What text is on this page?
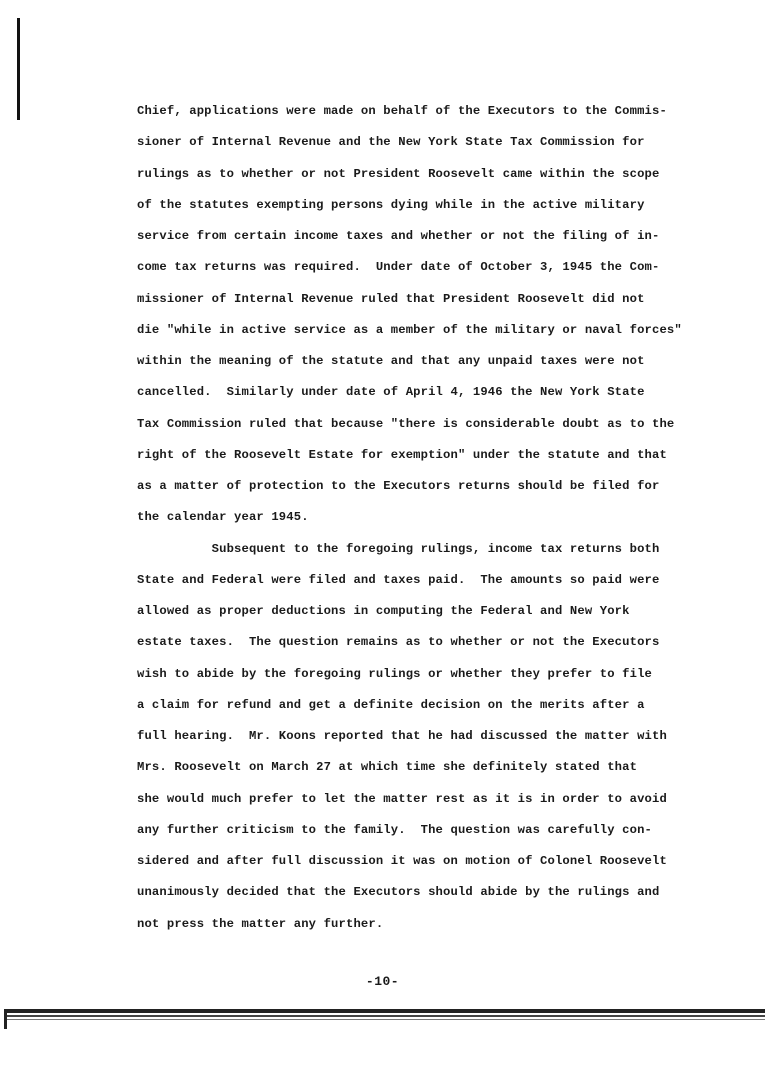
Chief, applications were made on behalf of the Executors to the Commis-
sioner of Internal Revenue and the New York State Tax Commission for
rulings as to whether or not President Roosevelt came within the scope
of the statutes exempting persons dying while in the active military
service from certain income taxes and whether or not the filing of in-
come tax returns was required.  Under date of October 3, 1945 the Com-
missioner of Internal Revenue ruled that President Roosevelt did not
die "while in active service as a member of the military or naval forces"
within the meaning of the statute and that any unpaid taxes were not
cancelled.  Similarly under date of April 4, 1946 the New York State
Tax Commission ruled that because "there is considerable doubt as to the
right of the Roosevelt Estate for exemption" under the statute and that
as a matter of protection to the Executors returns should be filed for
the calendar year 1945.
Subsequent to the foregoing rulings, income tax returns both
State and Federal were filed and taxes paid.  The amounts so paid were
allowed as proper deductions in computing the Federal and New York
estate taxes.  The question remains as to whether or not the Executors
wish to abide by the foregoing rulings or whether they prefer to file
a claim for refund and get a definite decision on the merits after a
full hearing.  Mr. Koons reported that he had discussed the matter with
Mrs. Roosevelt on March 27 at which time she definitely stated that
she would much prefer to let the matter rest as it is in order to avoid
any further criticism to the family.  The question was carefully con-
sidered and after full discussion it was on motion of Colonel Roosevelt
unanimously decided that the Executors should abide by the rulings and
not press the matter any further.
-10-
